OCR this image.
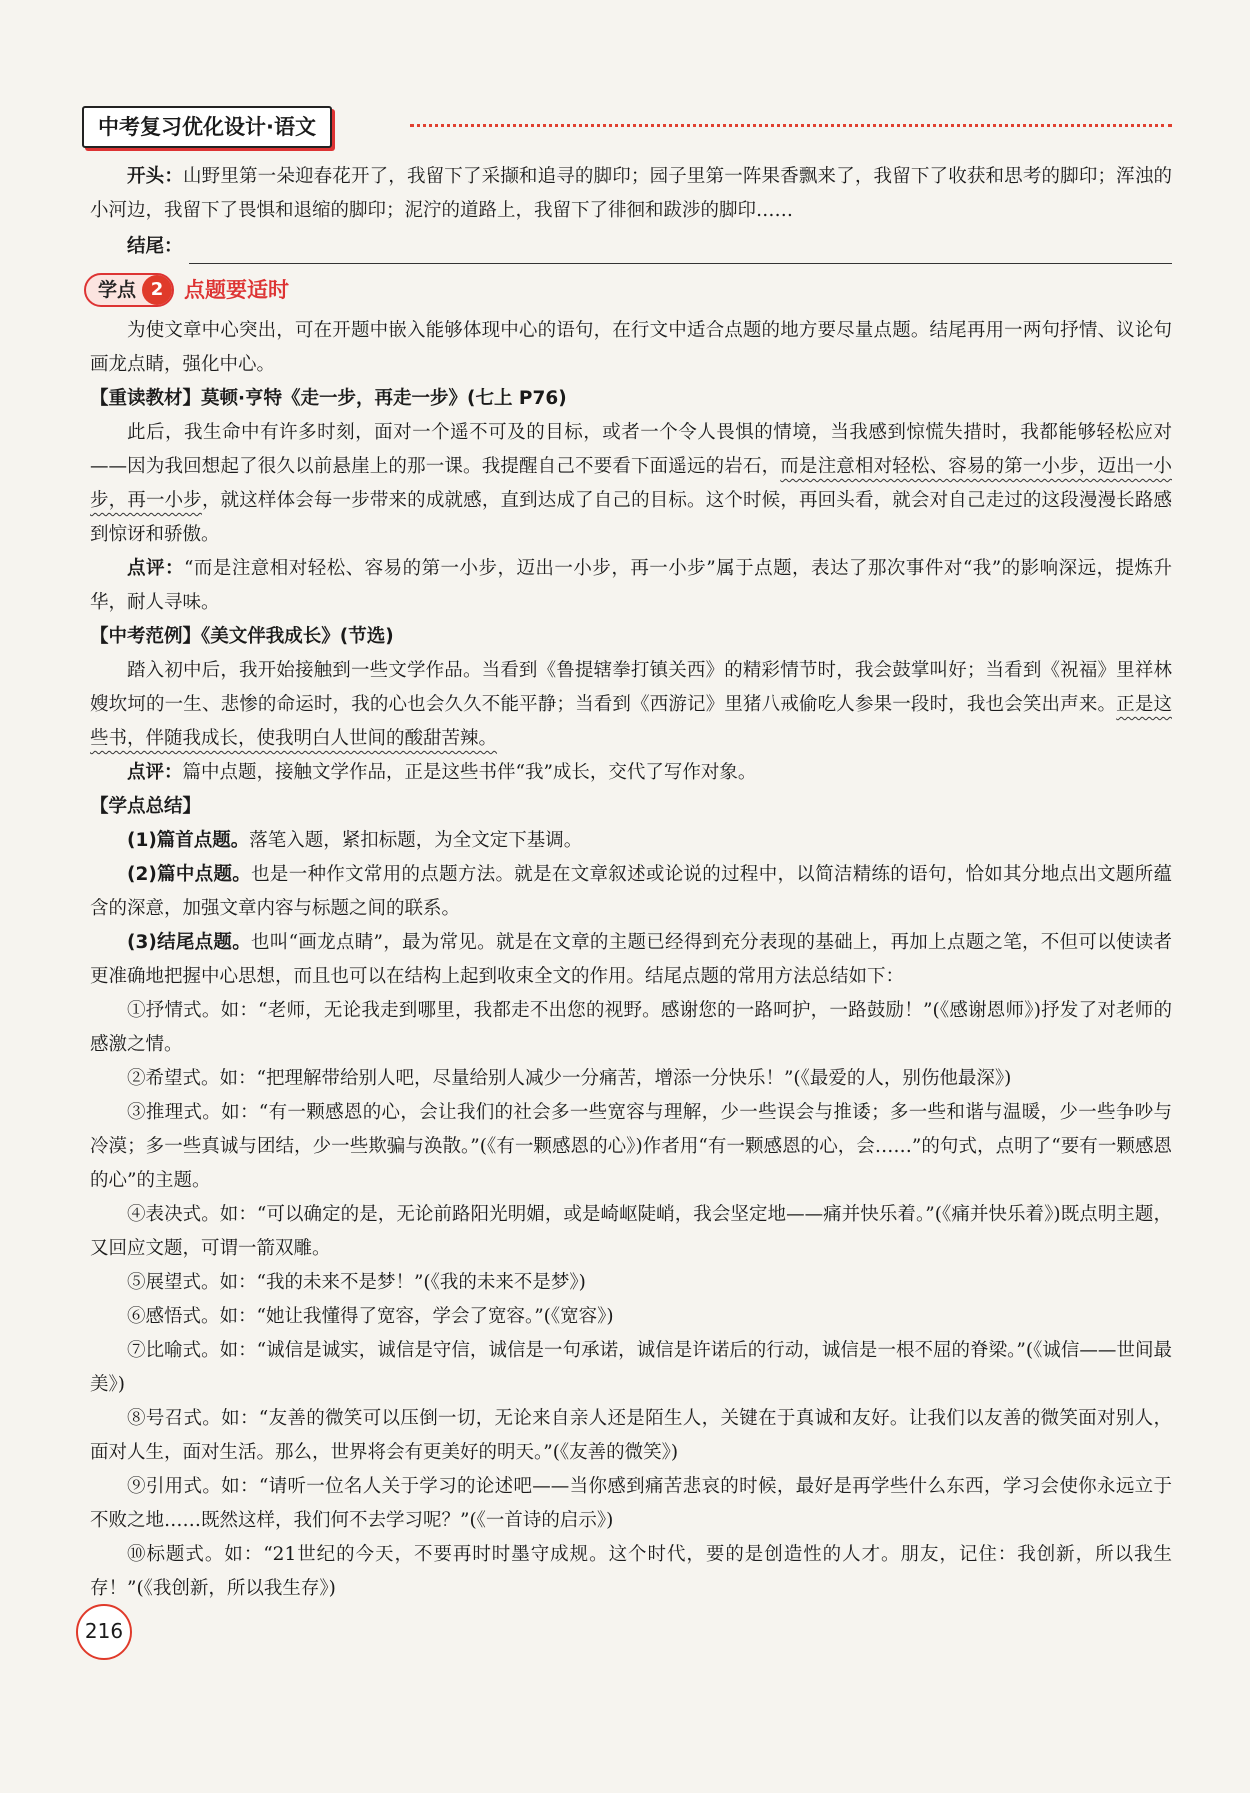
中考复习优化设计·语文

开头：山野里第一朵迎春花开了，我留下了采撷和追寻的脚印；园子里第一阵果香飘来了，我留下了收获和思考的脚印；浑浊的小河边，我留下了畏惧和退缩的脚印；泥泞的道路上，我留下了徘徊和跋涉的脚印……

结尾：
学点 2 点题要适时

为使文章中心突出，可在开题中嵌入能够体现中心的语句，在行文中适合点题的地方要尽量点题。结尾再用一两句抒情、议论句画龙点睛，强化中心。

【重读教材】莫顿·亨特《走一步，再走一步》(七上 P76)

此后，我生命中有许多时刻，面对一个遥不可及的目标，或者一个令人畏惧的情境，当我感到惊慌失措时，我都能够轻松应对——因为我回想起了很久以前悬崖上的那一课。我提醒自己不要看下面遥远的岩石，而是注意相对轻松、容易的第一小步，迈出一小步，再一小步，就这样体会每一步带来的成就感，直到达成了自己的目标。这个时候，再回头看，就会对自己走过的这段漫漫长路感到惊讶和骄傲。

点评：“而是注意相对轻松、容易的第一小步，迈出一小步，再一小步”属于点题，表达了那次事件对“我”的影响深远，提炼升华，耐人寻味。

【中考范例】《美文伴我成长》(节选)

踏入初中后，我开始接触到一些文学作品。当看到《鲁提辖拳打镇关西》的精彩情节时，我会鼓掌叫好；当看到《祝福》里祥林嫂坎坷的一生、悲惨的命运时，我的心也会久久不能平静；当看到《西游记》里猪八戒偷吃人参果一段时，我也会笑出声来。正是这些书，伴随我成长，使我明白人世间的酸甜苦辣。

点评：篇中点题，接触文学作品，正是这些书伴“我”成长，交代了写作对象。

【学点总结】

(1)篇首点题。落笔入题，紧扣标题，为全文定下基调。

(2)篇中点题。也是一种作文常用的点题方法。就是在文章叙述或论说的过程中，以简洁精练的语句，恰如其分地点出文题所蕴含的深意，加强文章内容与标题之间的联系。

(3)结尾点题。也叫“画龙点睛”，最为常见。就是在文章的主题已经得到充分表现的基础上，再加上点题之笔，不但可以使读者更准确地把握中心思想，而且也可以在结构上起到收束全文的作用。结尾点题的常用方法总结如下：

①抒情式。如：“老师，无论我走到哪里，我都走不出您的视野。感谢您的一路呵护，一路鼓励！”(《感谢恩师》)抒发了对老师的感激之情。

②希望式。如：“把理解带给别人吧，尽量给别人减少一分痛苦，增添一分快乐！”(《最爱的人，别伤他最深》)

③推理式。如：“有一颗感恩的心，会让我们的社会多一些宽容与理解，少一些误会与推诿；多一些和谐与温暖，少一些争吵与冷漠；多一些真诚与团结，少一些欺骗与涣散。”(《有一颗感恩的心》)作者用“有一颗感恩的心，会……”的句式，点明了“要有一颗感恩的心”的主题。

④表决式。如：“可以确定的是，无论前路阳光明媚，或是崎岖陡峭，我会坚定地——痛并快乐着。”(《痛并快乐着》)既点明主题，又回应文题，可谓一箭双雕。

⑤展望式。如：“我的未来不是梦！”(《我的未来不是梦》)

⑥感悟式。如：“她让我懂得了宽容，学会了宽容。”(《宽容》)

⑦比喻式。如：“诚信是诚实，诚信是守信，诚信是一句承诺，诚信是许诺后的行动，诚信是一根不屈的脊梁。”(《诚信——世间最美》)

⑧号召式。如：“友善的微笑可以压倒一切，无论来自亲人还是陌生人，关键在于真诚和友好。让我们以友善的微笑面对别人，面对人生，面对生活。那么，世界将会有更美好的明天。”(《友善的微笑》)

⑨引用式。如：“请听一位名人关于学习的论述吧——当你感到痛苦悲哀的时候，最好是再学些什么东西，学习会使你永远立于不败之地……既然这样，我们何不去学习呢？”(《一首诗的启示》)

⑩标题式。如：“21世纪的今天，不要再时时墨守成规。这个时代，要的是创造性的人才。朋友，记住：我创新，所以我生存！”(《我创新，所以我生存》)

216
